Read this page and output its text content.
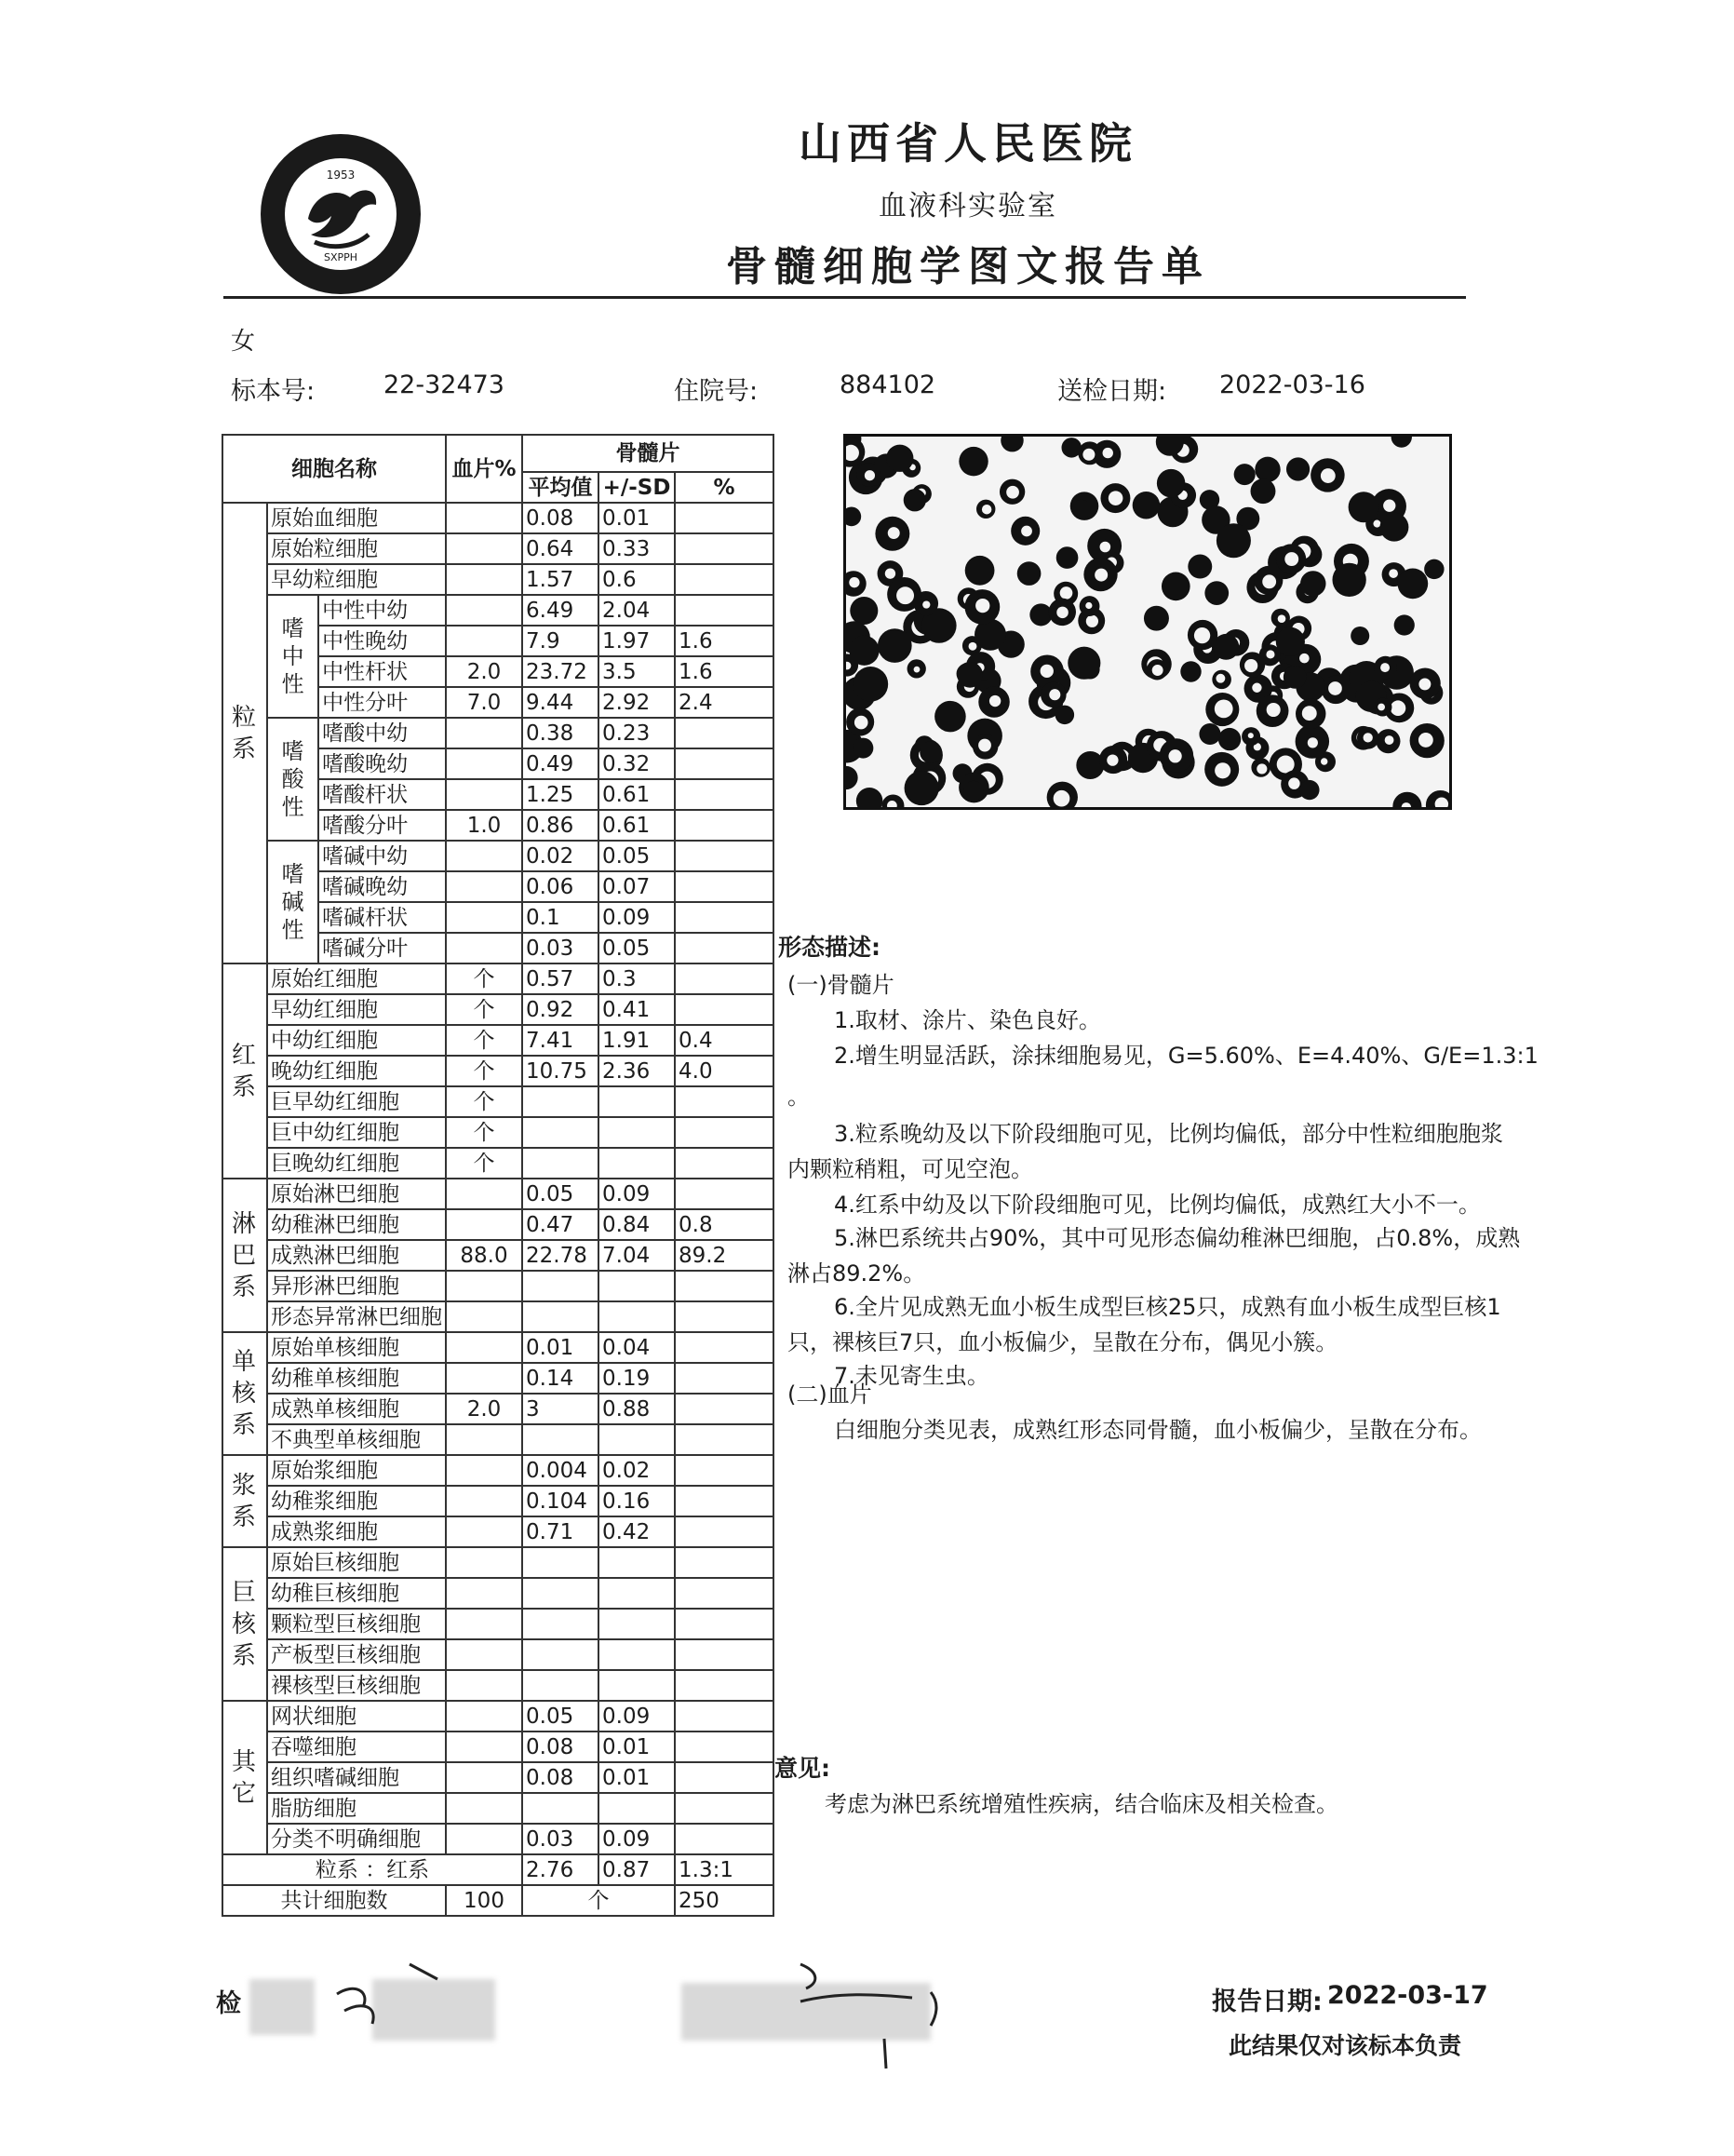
1953
SXPPH
山西省人民医院
血液科实验室
骨髓细胞学图文报告单
女
标本号:	22-32473	住院号:	884102	送检日期: 2022-03-16
细胞名称			血片%	骨髓片		
				平均值	+/-SD	%
粒系	原始血细胞			0.08	0.01	
	原始粒细胞			0.64	0.33	
	早幼粒细胞			1.57	0.6	
	嗜中性	中性中幼		6.49	2.04	
		中性晚幼		7.9	1.97	1.6
		中性杆状	2.0	23.72	3.5	1.6
		中性分叶	7.0	9.44	2.92	2.4
	嗜酸性	嗜酸中幼		0.38	0.23	
		嗜酸晚幼		0.49	0.32	
		嗜酸杆状		1.25	0.61	
		嗜酸分叶	1.0	0.86	0.61	
	嗜碱性	嗜碱中幼		0.02	0.05	
		嗜碱晚幼		0.06	0.07	
		嗜碱杆状		0.1	0.09	
		嗜碱分叶		0.03	0.05	
红系	原始红细胞		个	0.57	0.3	
	早幼红细胞		个	0.92	0.41	
	中幼红细胞		个	7.41	1.91	0.4
	晚幼红细胞		个	10.75	2.36	4.0
	巨早幼红细胞		个			
	巨中幼红细胞		个			
	巨晚幼红细胞		个			
淋巴系	原始淋巴细胞			0.05	0.09	
	幼稚淋巴细胞			0.47	0.84	0.8
	成熟淋巴细胞		88.0	22.78	7.04	89.2
	异形淋巴细胞					
	形态异常淋巴细胞					
单核系	原始单核细胞			0.01	0.04	
	幼稚单核细胞			0.14	0.19	
	成熟单核细胞		2.0	3	0.88	
	不典型单核细胞					
浆系	原始浆细胞			0.004	0.02	
	幼稚浆细胞			0.104	0.16	
	成熟浆细胞			0.71	0.42	
巨核系	原始巨核细胞					
	幼稚巨核细胞					
	颗粒型巨核细胞					
	产板型巨核细胞					
	裸核型巨核细胞					
其它	网状细胞			0.05	0.09	
	吞噬细胞			0.08	0.01	
	组织嗜碱细胞			0.08	0.01	
	脂肪细胞					
	分类不明确细胞			0.03	0.09	
粒系 ：红系				2.76	0.87	1.3:1
共计细胞数			100	个		250
形态描述:
(一)骨髓片
1.取材、涂片、染色良好。
2.增生明显活跃，涂抹细胞易见，G=5.60%、E=4.40%、G/E=1.3:1
。
3.粒系晚幼及以下阶段细胞可见，比例均偏低，部分中性粒细胞胞浆
内颗粒稍粗，可见空泡。
4.红系中幼及以下阶段细胞可见，比例均偏低，成熟红大小不一。
5.淋巴系统共占90%，其中可见形态偏幼稚淋巴细胞，占0.8%，成熟
淋占89.2%。
6.全片见成熟无血小板生成型巨核25只，成熟有血小板生成型巨核1
只，裸核巨7只，血小板偏少，呈散在分布，偶见小簇。
7.未见寄生虫。
(二)血片
白细胞分类见表，成熟红形态同骨髓，血小板偏少，呈散在分布。
意见:
考虑为淋巴系统增殖性疾病，结合临床及相关检查。
检	报告日期: 2022-03-17
此结果仅对该标本负责
